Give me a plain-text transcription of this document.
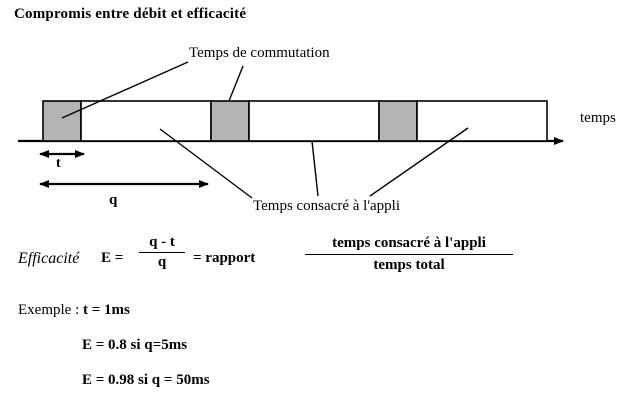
Compromis entre débit et efficacité
Temps de commutation
Temps consacré à l'appli
temps
t
q
Efficacité E =
q - t
q	= rapport
temps consacré à l'appli
temps total
Exemple : t = 1ms
E = 0.8 si q=5ms
E = 0.98 si q = 50ms
